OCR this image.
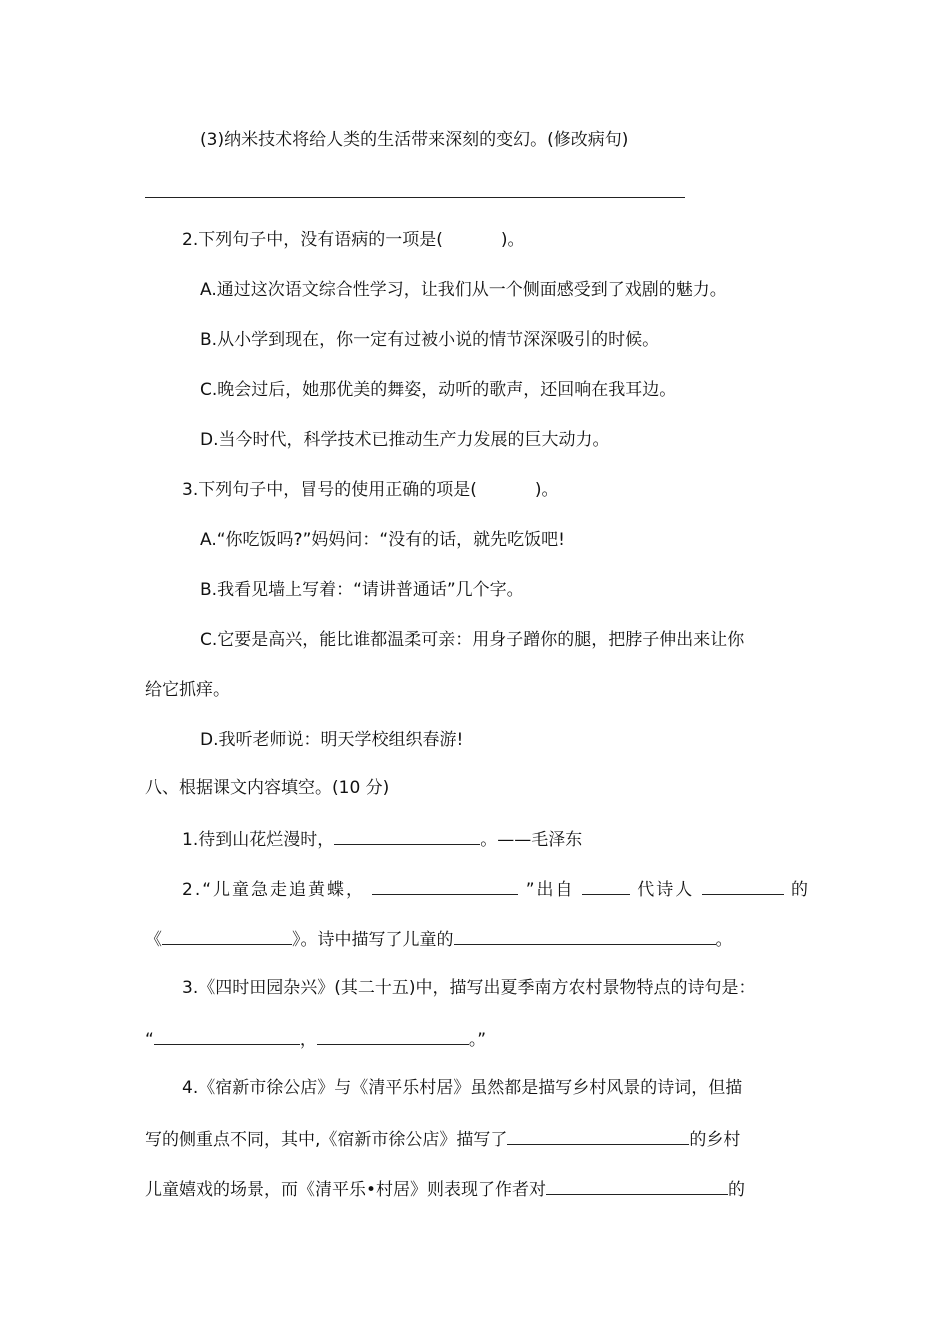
(3)纳米技术将给人类的生活带来深刻的变幻。(修改病句)
2.下列句子中，没有语病的一项是(	)。
A.通过这次语文综合性学习，让我们从一个侧面感受到了戏剧的魅力。
B.从小学到现在，你一定有过被小说的情节深深吸引的时候。
C.晚会过后，她那优美的舞姿，动听的歌声，还回响在我耳边。
D.当今时代，科学技术已推动生产力发展的巨大动力。
3.下列句子中，冒号的使用正确的项是(	)。
A.“你吃饭吗?”妈妈问：“没有的话，就先吃饭吧!
B.我看见墙上写着：“请讲普通话”几个字。
C.它要是高兴，能比谁都温柔可亲：用身子蹭你的腿，把脖子伸出来让你
给它抓痒。
D.我听老师说：明天学校组织春游!
八、根据课文内容填空。(10 分)
1.待到山花烂漫时，	。——毛泽东
2.“儿童急走追黄蝶，	”出自	代诗人	的
《	》。诗中描写了儿童的	。
3.《四时田园杂兴》(其二十五)中，描写出夏季南方农村景物特点的诗句是：
“	，	。”
4.《宿新市徐公店》与《清平乐村居》虽然都是描写乡村风景的诗词，但描
写的侧重点不同，其中,《宿新市徐公店》描写了	的乡村
儿童嬉戏的场景，而《清平乐•村居》则表现了作者对	的
